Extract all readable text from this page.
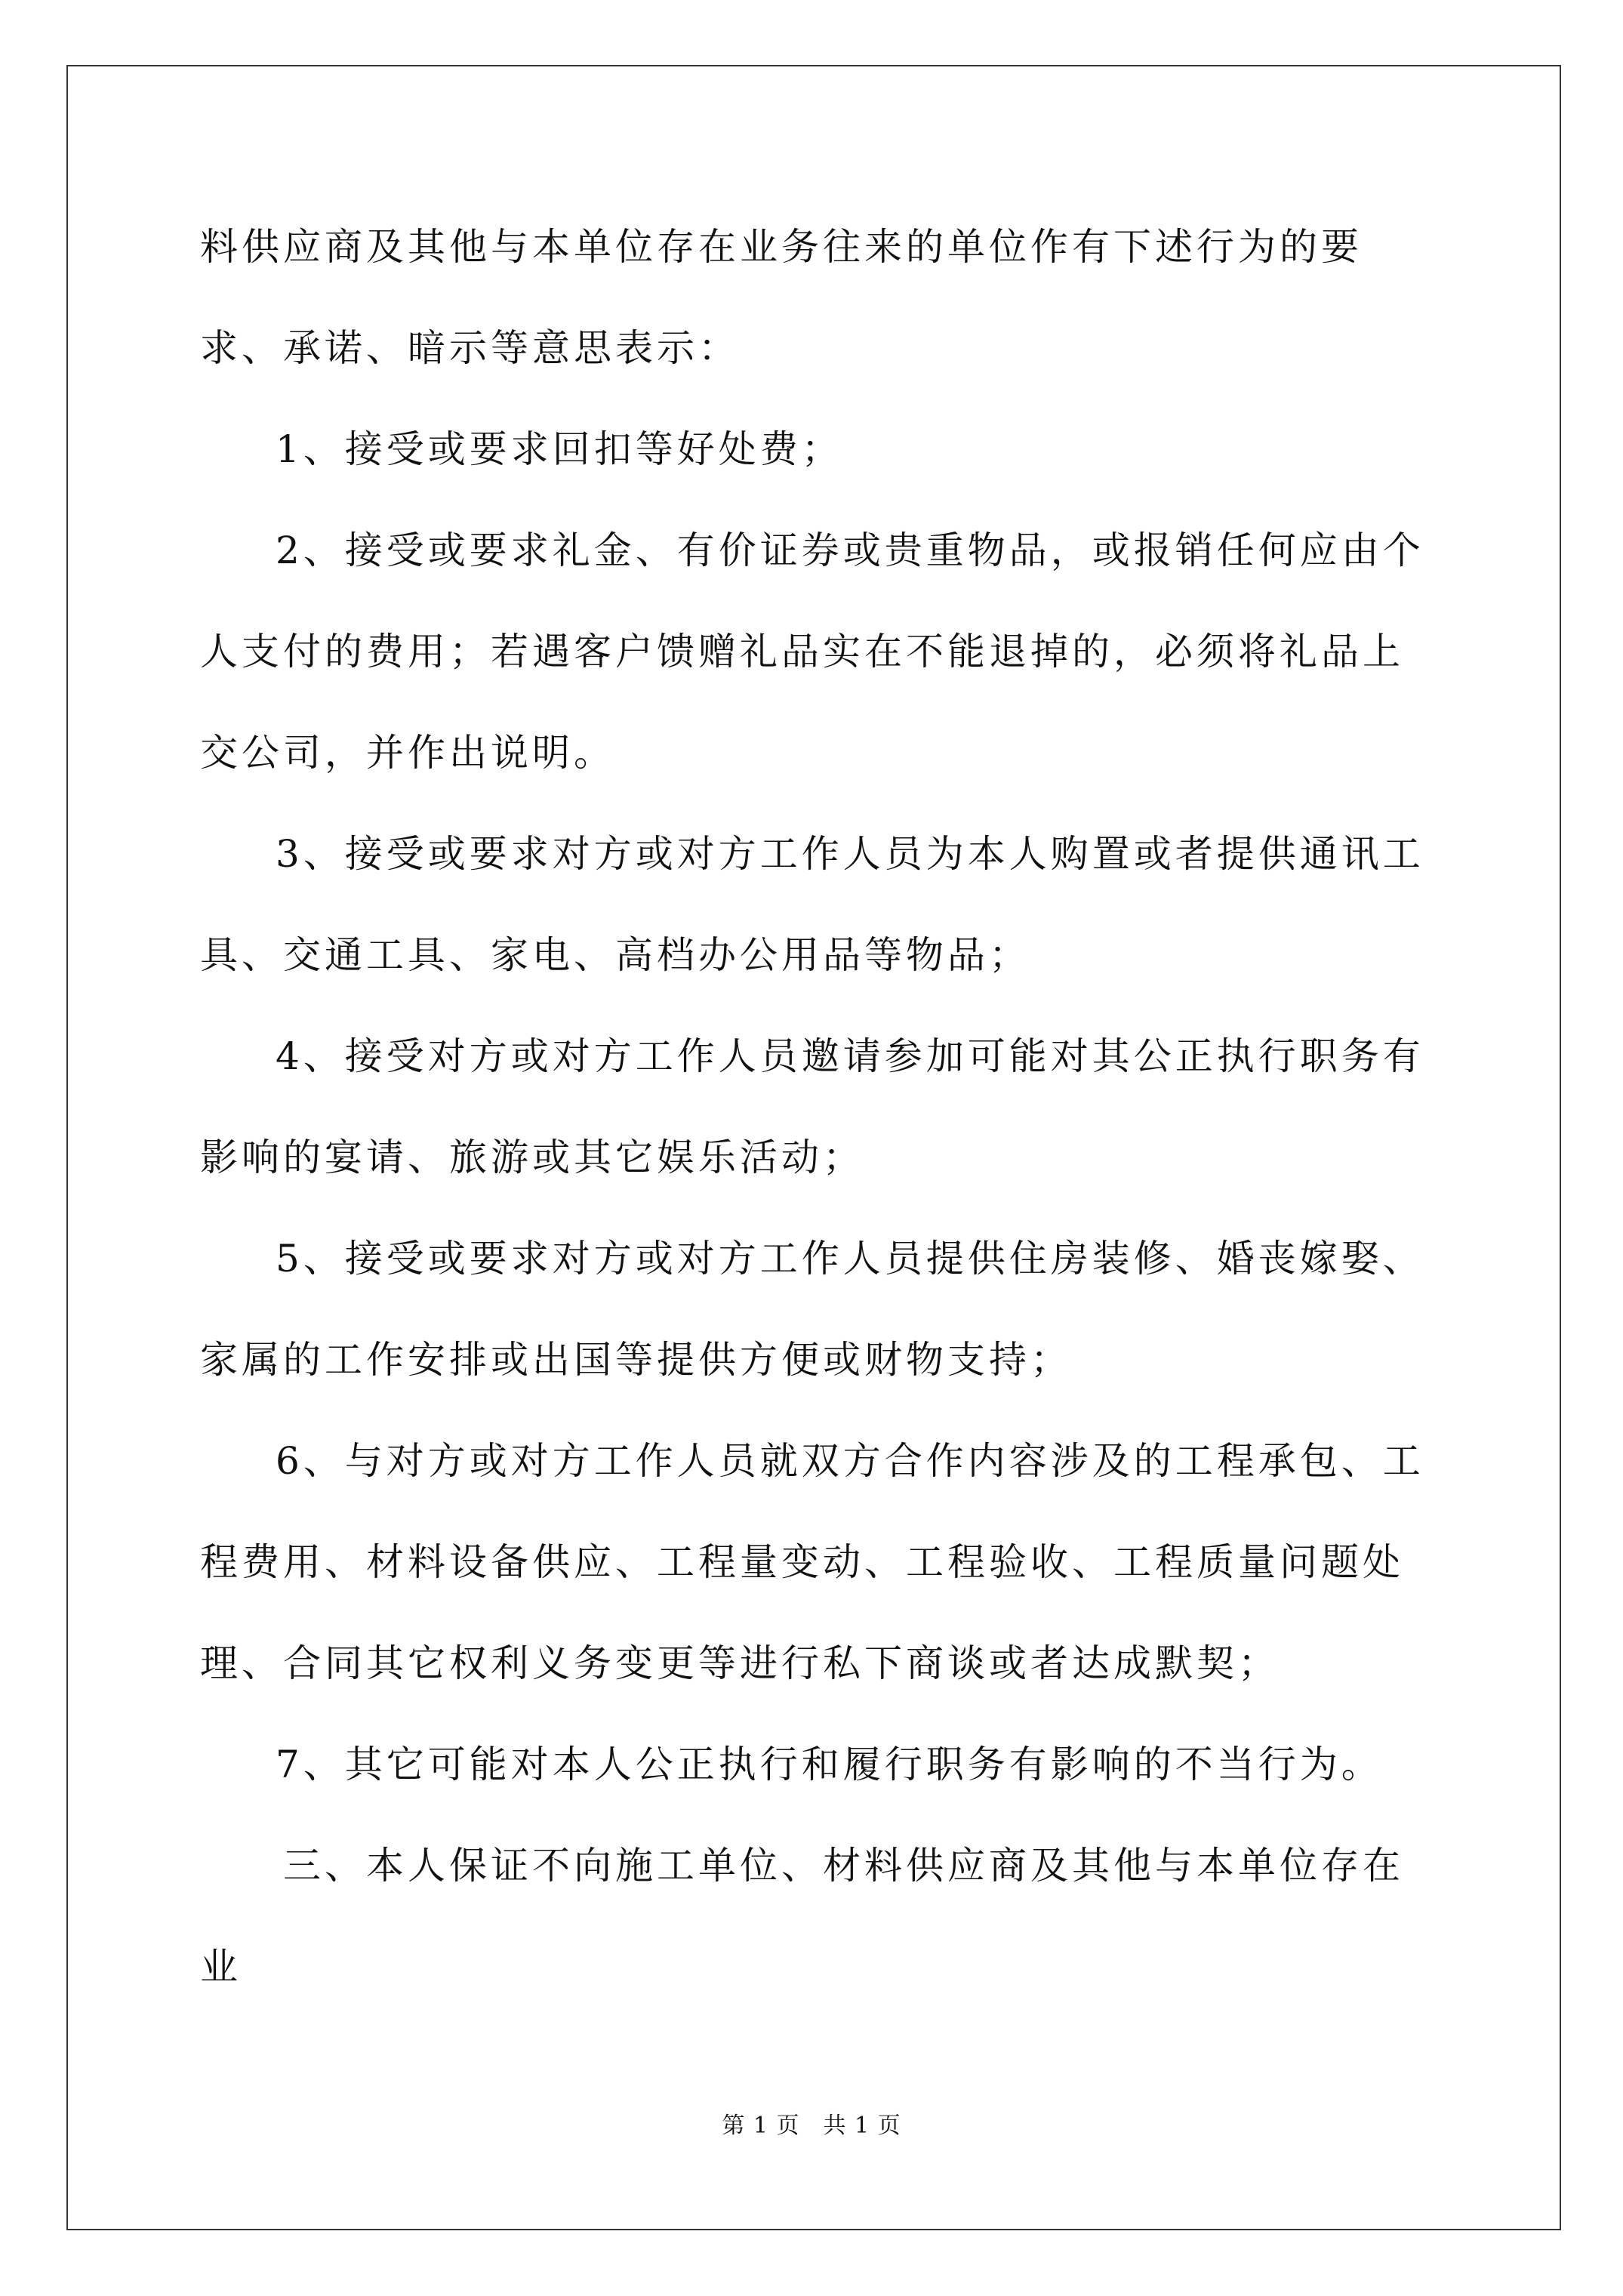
料供应商及其他与本单位存在业务往来的单位作有下述行为的要求、承诺、暗示等意思表示：

1、接受或要求回扣等好处费；

2、接受或要求礼金、有价证券或贵重物品，或报销任何应由个人支付的费用；若遇客户馈赠礼品实在不能退掉的，必须将礼品上交公司，并作出说明。

3、接受或要求对方或对方工作人员为本人购置或者提供通讯工具、交通工具、家电、高档办公用品等物品；

4、接受对方或对方工作人员邀请参加可能对其公正执行职务有影响的宴请、旅游或其它娱乐活动；

5、接受或要求对方或对方工作人员提供住房装修、婚丧嫁娶、家属的工作安排或出国等提供方便或财物支持；

6、与对方或对方工作人员就双方合作内容涉及的工程承包、工程费用、材料设备供应、工程量变动、工程验收、工程质量问题处理、合同其它权利义务变更等进行私下商谈或者达成默契；

7、其它可能对本人公正执行和履行职务有影响的不当行为。

三、本人保证不向施工单位、材料供应商及其他与本单位存在业

第 1 页　共 1 页
